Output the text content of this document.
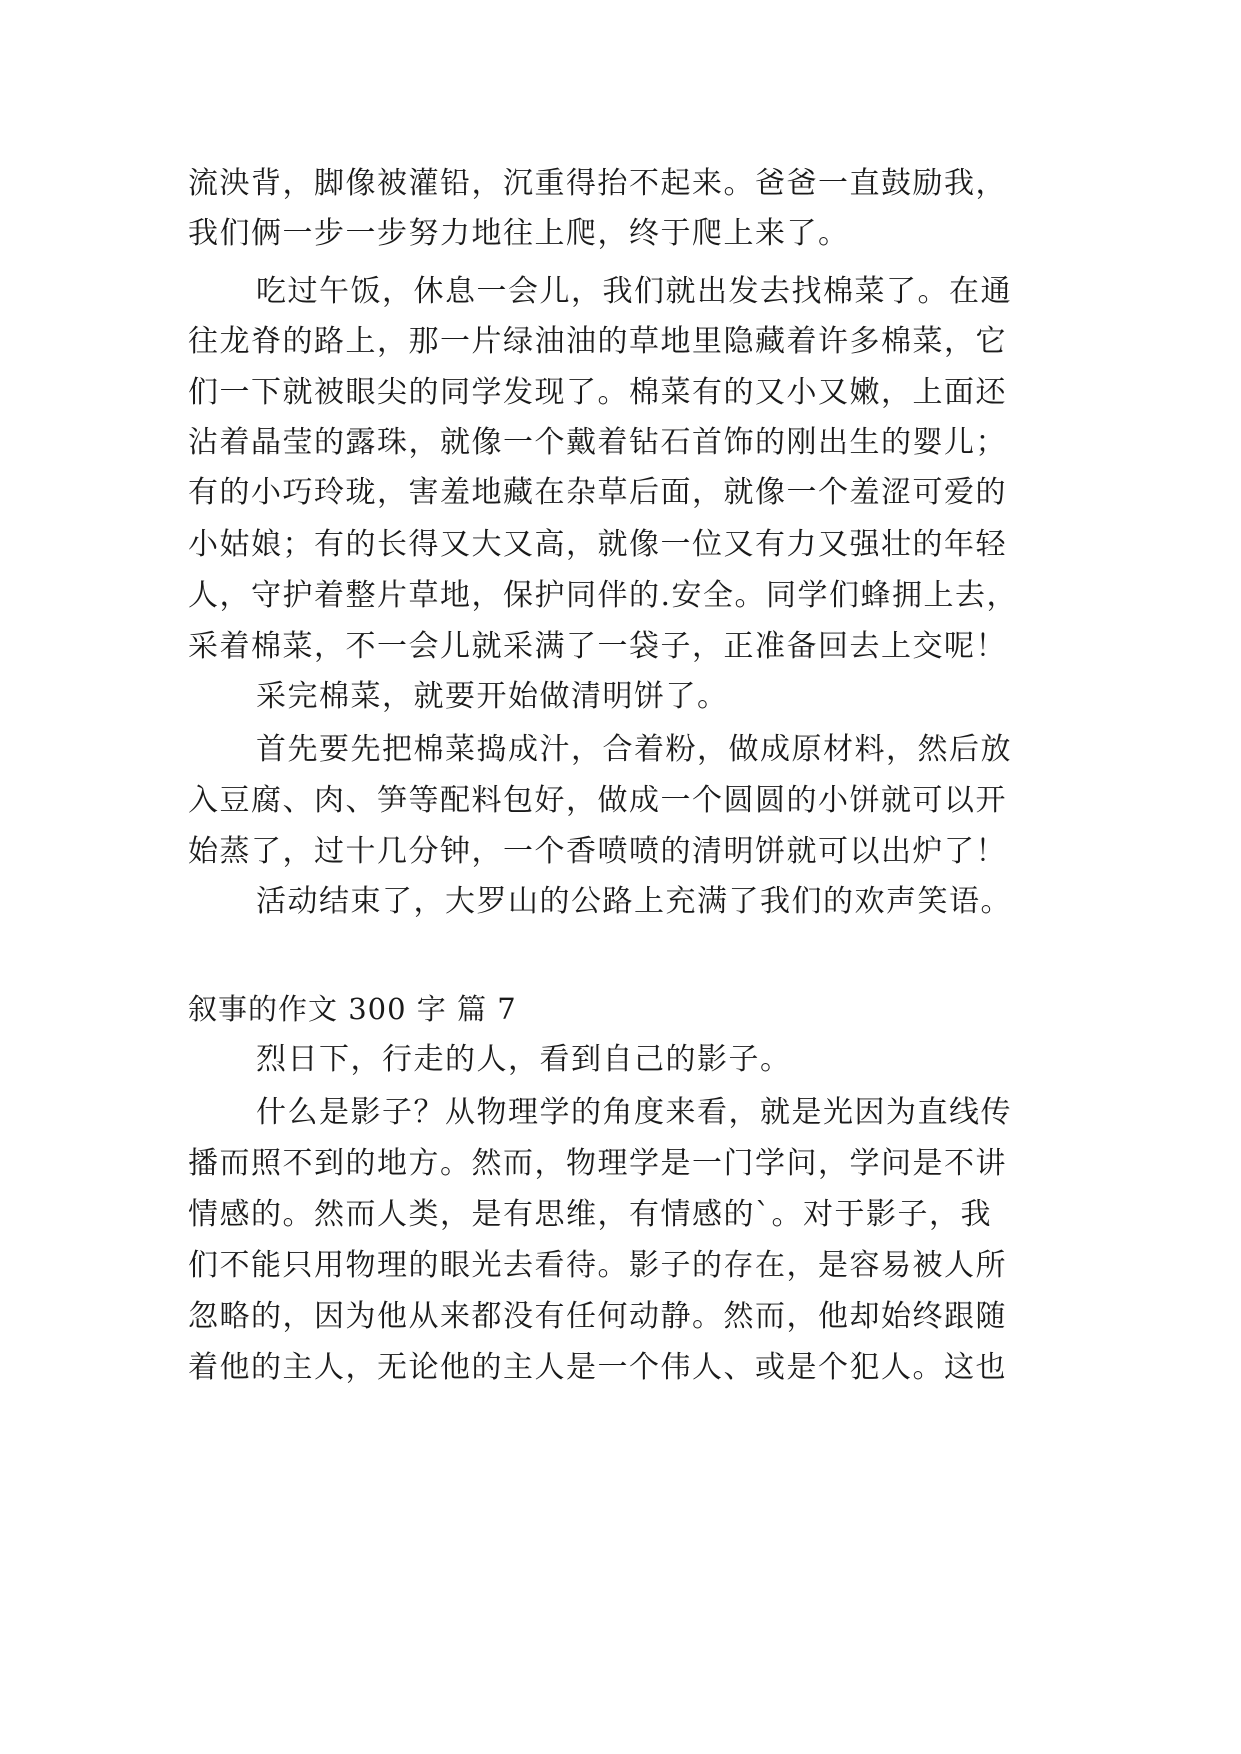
流泱背，脚像被灌铅，沉重得抬不起来。爸爸一直鼓励我，
我们俩一步一步努力地往上爬，终于爬上来了。
吃过午饭，休息一会儿，我们就出发去找棉菜了。在通
往龙脊的路上，那一片绿油油的草地里隐藏着许多棉菜，它
们一下就被眼尖的同学发现了。棉菜有的又小又嫩，上面还
沾着晶莹的露珠，就像一个戴着钻石首饰的刚出生的婴儿；
有的小巧玲珑，害羞地藏在杂草后面，就像一个羞涩可爱的
小姑娘；有的长得又大又高，就像一位又有力又强壮的年轻
人，守护着整片草地，保护同伴的.安全。同学们蜂拥上去，
采着棉菜，不一会儿就采满了一袋子，正准备回去上交呢！
采完棉菜，就要开始做清明饼了。
首先要先把棉菜捣成汁，合着粉，做成原材料，然后放
入豆腐、肉、笋等配料包好，做成一个圆圆的小饼就可以开
始蒸了，过十几分钟，一个香喷喷的清明饼就可以出炉了！
活动结束了，大罗山的公路上充满了我们的欢声笑语。
叙事的作文 300 字 篇 7
烈日下，行走的人，看到自己的影子。
什么是影子？从物理学的角度来看，就是光因为直线传
播而照不到的地方。然而，物理学是一门学问，学问是不讲
情感的。然而人类，是有思维，有情感的`。对于影子，我
们不能只用物理的眼光去看待。影子的存在，是容易被人所
忽略的，因为他从来都没有任何动静。然而，他却始终跟随
着他的主人，无论他的主人是一个伟人、或是个犯人。这也
